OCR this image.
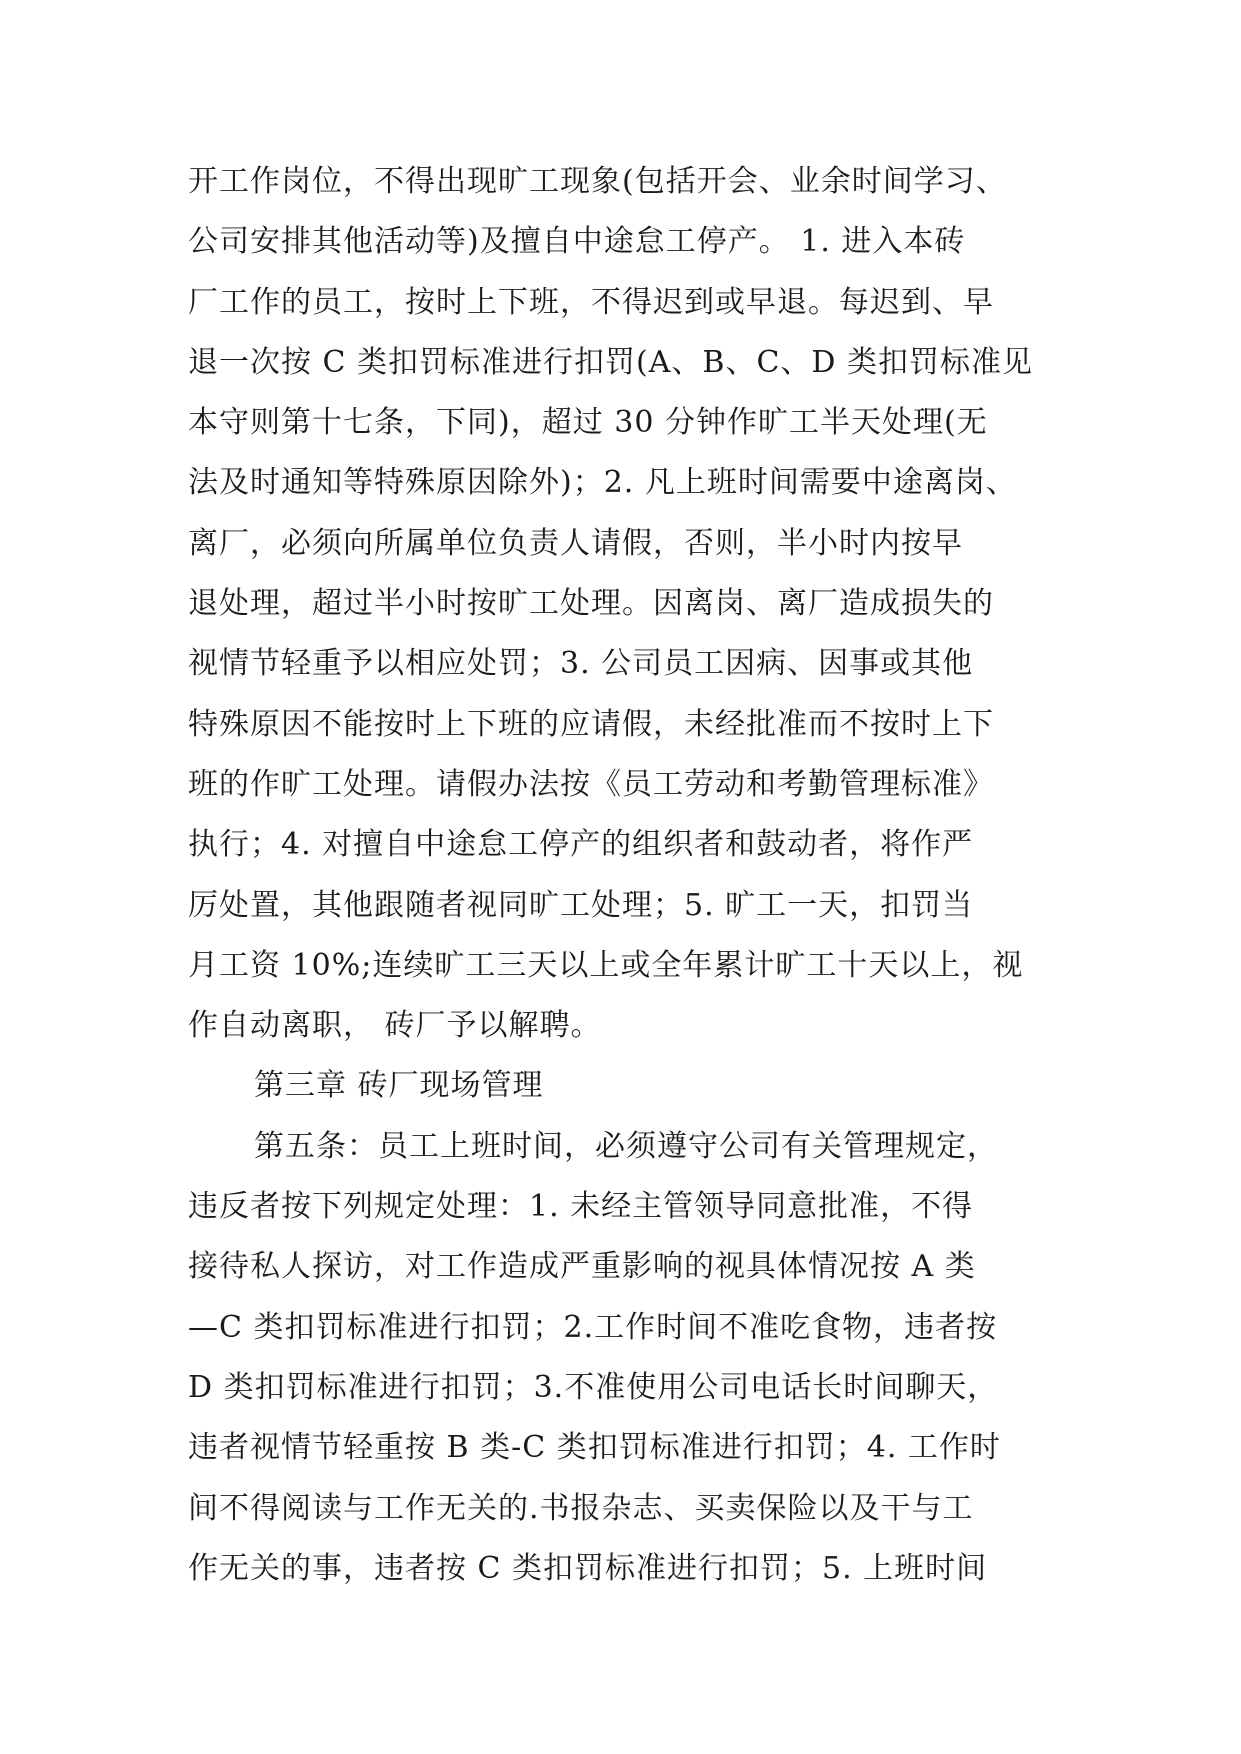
开工作岗位，不得出现旷工现象(包括开会、业余时间学习、
公司安排其他活动等)及擅自中途怠工停产。 1. 进入本砖
厂工作的员工，按时上下班，不得迟到或早退。每迟到、早
退一次按 C 类扣罚标准进行扣罚(A、B、C、D 类扣罚标准见
本守则第十七条，下同)，超过 30 分钟作旷工半天处理(无
法及时通知等特殊原因除外)；2. 凡上班时间需要中途离岗、
离厂，必须向所属单位负责人请假，否则，半小时内按早
退处理，超过半小时按旷工处理。因离岗、离厂造成损失的
视情节轻重予以相应处罚；3. 公司员工因病、因事或其他
特殊原因不能按时上下班的应请假，未经批准而不按时上下
班的作旷工处理。请假办法按《员工劳动和考勤管理标准》
执行；4. 对擅自中途怠工停产的组织者和鼓动者，将作严
厉处置，其他跟随者视同旷工处理；5. 旷工一天，扣罚当
月工资 10%;连续旷工三天以上或全年累计旷工十天以上，视
作自动离职， 砖厂予以解聘。
第三章 砖厂现场管理
第五条：员工上班时间，必须遵守公司有关管理规定，
违反者按下列规定处理：1. 未经主管领导同意批准，不得
接待私人探访，对工作造成严重影响的视具体情况按 A 类
—C 类扣罚标准进行扣罚；2.工作时间不准吃食物，违者按
D 类扣罚标准进行扣罚；3.不准使用公司电话长时间聊天，
违者视情节轻重按 B 类-C 类扣罚标准进行扣罚；4. 工作时
间不得阅读与工作无关的.书报杂志、买卖保险以及干与工
作无关的事，违者按 C 类扣罚标准进行扣罚；5. 上班时间
